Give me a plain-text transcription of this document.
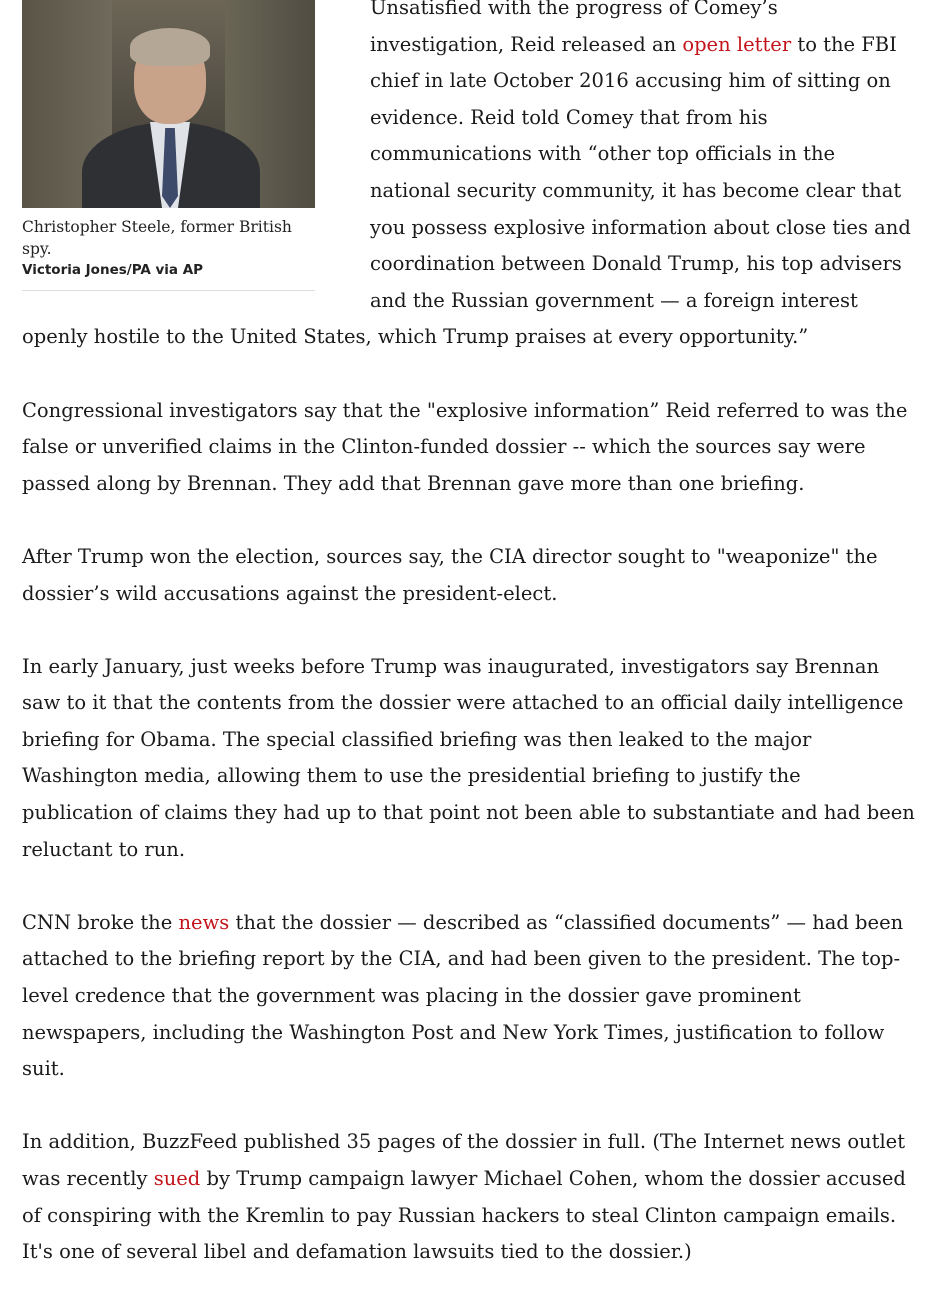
Christopher Steele, former British spy.
Victoria Jones/PA via AP

Unsatisfied with the progress of Comey’s investigation, Reid released an open letter to the FBI chief in late October 2016 accusing him of sitting on evidence. Reid told Comey that from his communications with “other top officials in the national security community, it has become clear that you possess explosive information about close ties and coordination between Donald Trump, his top advisers and the Russian government — a foreign interest openly hostile to the United States, which Trump praises at every opportunity.”

Congressional investigators say that the "explosive information” Reid referred to was the false or unverified claims in the Clinton-funded dossier -- which the sources say were passed along by Brennan. They add that Brennan gave more than one briefing.

After Trump won the election, sources say, the CIA director sought to "weaponize" the dossier’s wild accusations against the president-elect.

In early January, just weeks before Trump was inaugurated, investigators say Brennan saw to it that the contents from the dossier were attached to an official daily intelligence briefing for Obama. The special classified briefing was then leaked to the major Washington media, allowing them to use the presidential briefing to justify the publication of claims they had up to that point not been able to substantiate and had been reluctant to run.

CNN broke the news that the dossier — described as “classified documents” — had been attached to the briefing report by the CIA, and had been given to the president. The top-level credence that the government was placing in the dossier gave prominent newspapers, including the Washington Post and New York Times, justification to follow suit.

In addition, BuzzFeed published 35 pages of the dossier in full. (The Internet news outlet was recently sued by Trump campaign lawyer Michael Cohen, whom the dossier accused of conspiring with the Kremlin to pay Russian hackers to steal Clinton campaign emails. It's one of several libel and defamation lawsuits tied to the dossier.)
